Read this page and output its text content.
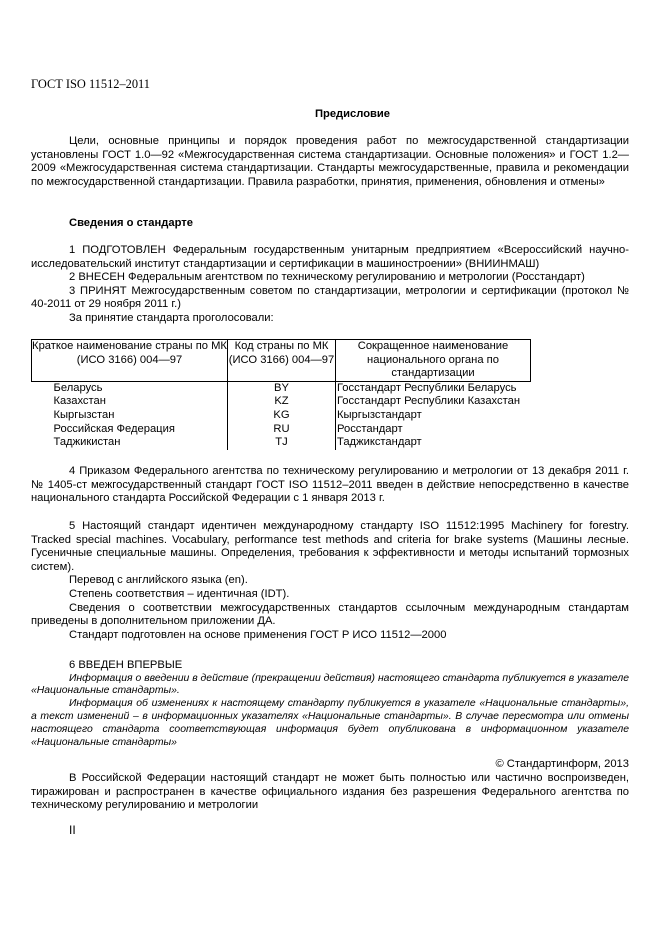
ГОСТ ISO 11512–2011
Предисловие

Цели, основные принципы и порядок проведения работ по межгосударственной стандартизации установлены ГОСТ 1.0—92 «Межгосударственная система стандартизации. Основные положения» и ГОСТ 1.2—2009 «Межгосударственная система стандартизации. Стандарты межгосударственные, правила и рекомендации по межгосударственной стандартизации. Правила разработки, принятия, применения, обновления и отмены»

Сведения о стандарте

1 ПОДГОТОВЛЕН Федеральным государственным унитарным предприятием «Всероссийский научно-исследовательский институт стандартизации и сертификации в машиностроении» (ВНИИНМАШ)

2 ВНЕСЕН Федеральным агентством по техническому регулированию и метрологии (Росстандарт)

3 ПРИНЯТ Межгосударственным советом по стандартизации, метрологии и сертификации (протокол № 40-2011 от 29 ноября 2011 г.)

За принятие стандарта проголосовали:

Краткое наименование страны по МК (ИСО 3166) 004—97	Код страны по МК (ИСО 3166) 004—97	Сокращенное наименование национального органа по стандартизации
Беларусь	BY	Госстандарт Республики Беларусь
Казахстан	KZ	Госстандарт Республики Казахстан
Кыргызстан	KG	Кыргызстандарт
Российская Федерация	RU	Росстандарт
Таджикистан	TJ	Таджикстандарт

4 Приказом Федерального агентства по техническому регулированию и метрологии от 13 декабря 2011 г. № 1405-ст межгосударственный стандарт ГОСТ ISO 11512–2011 введен в действие непосредственно в качестве национального стандарта Российской Федерации с 1 января 2013 г.

5 Настоящий стандарт идентичен международному стандарту ISO 11512:1995 Machinery for forestry. Tracked special machines. Vocabulary, performance test methods and criteria for brake systems (Машины лесные. Гусеничные специальные машины. Определения, требования к эффективности и методы испытаний тормозных систем).

Перевод с английского языка (en).

Степень соответствия – идентичная (IDT).

Сведения о соответствии межгосударственных стандартов ссылочным международным стандартам приведены в дополнительном приложении ДА.

Стандарт подготовлен на основе применения ГОСТ Р ИСО 11512—2000

6 ВВЕДЕН ВПЕРВЫЕ

Информация о введении в действие (прекращении действия) настоящего стандарта публикуется в указателе «Национальные стандарты».

Информация об изменениях к настоящему стандарту публикуется в указателе «Национальные стандарты», а текст изменений – в информационных указателях «Национальные стандарты». В случае пересмотра или отмены настоящего стандарта соответствующая информация будет опубликована в информационном указателе «Национальные стандарты»

© Стандартинформ, 2013

В Российской Федерации настоящий стандарт не может быть полностью или частично воспроизведен, тиражирован и распространен в качестве официального издания без разрешения Федерального агентства по техническому регулированию и метрологии

II
